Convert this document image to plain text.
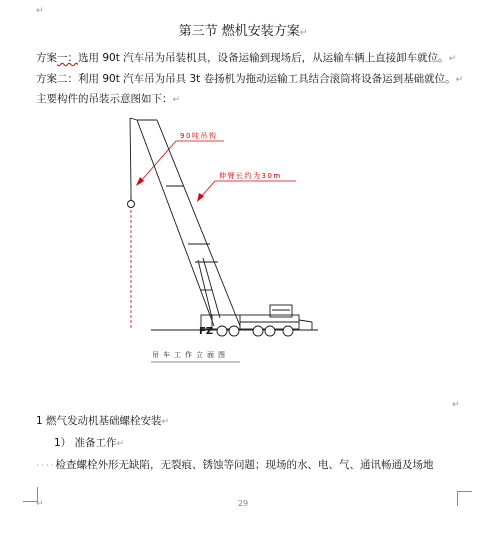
↵
第三节 燃机安装方案↵
方案一：选用 90t 汽车吊为吊装机具，设备运输到现场后，从运输车辆上直接卸车就位。↵
方案二：利用 90t 汽车吊为吊具 3t 卷扬机为拖动运输工具结合滚筒将设备运到基础就位。↵
主要构件的吊装示意图如下：↵
FZ
90吨吊钩
伸臂长约为30m
吊车工作立面图
↵
1 燃气发动机基础螺栓安装↵
1） 准备工作↵
····检查螺栓外形无缺陷，无裂痕、锈蚀等问题；现场的水、电、气、通讯畅通及场地
↵	29
